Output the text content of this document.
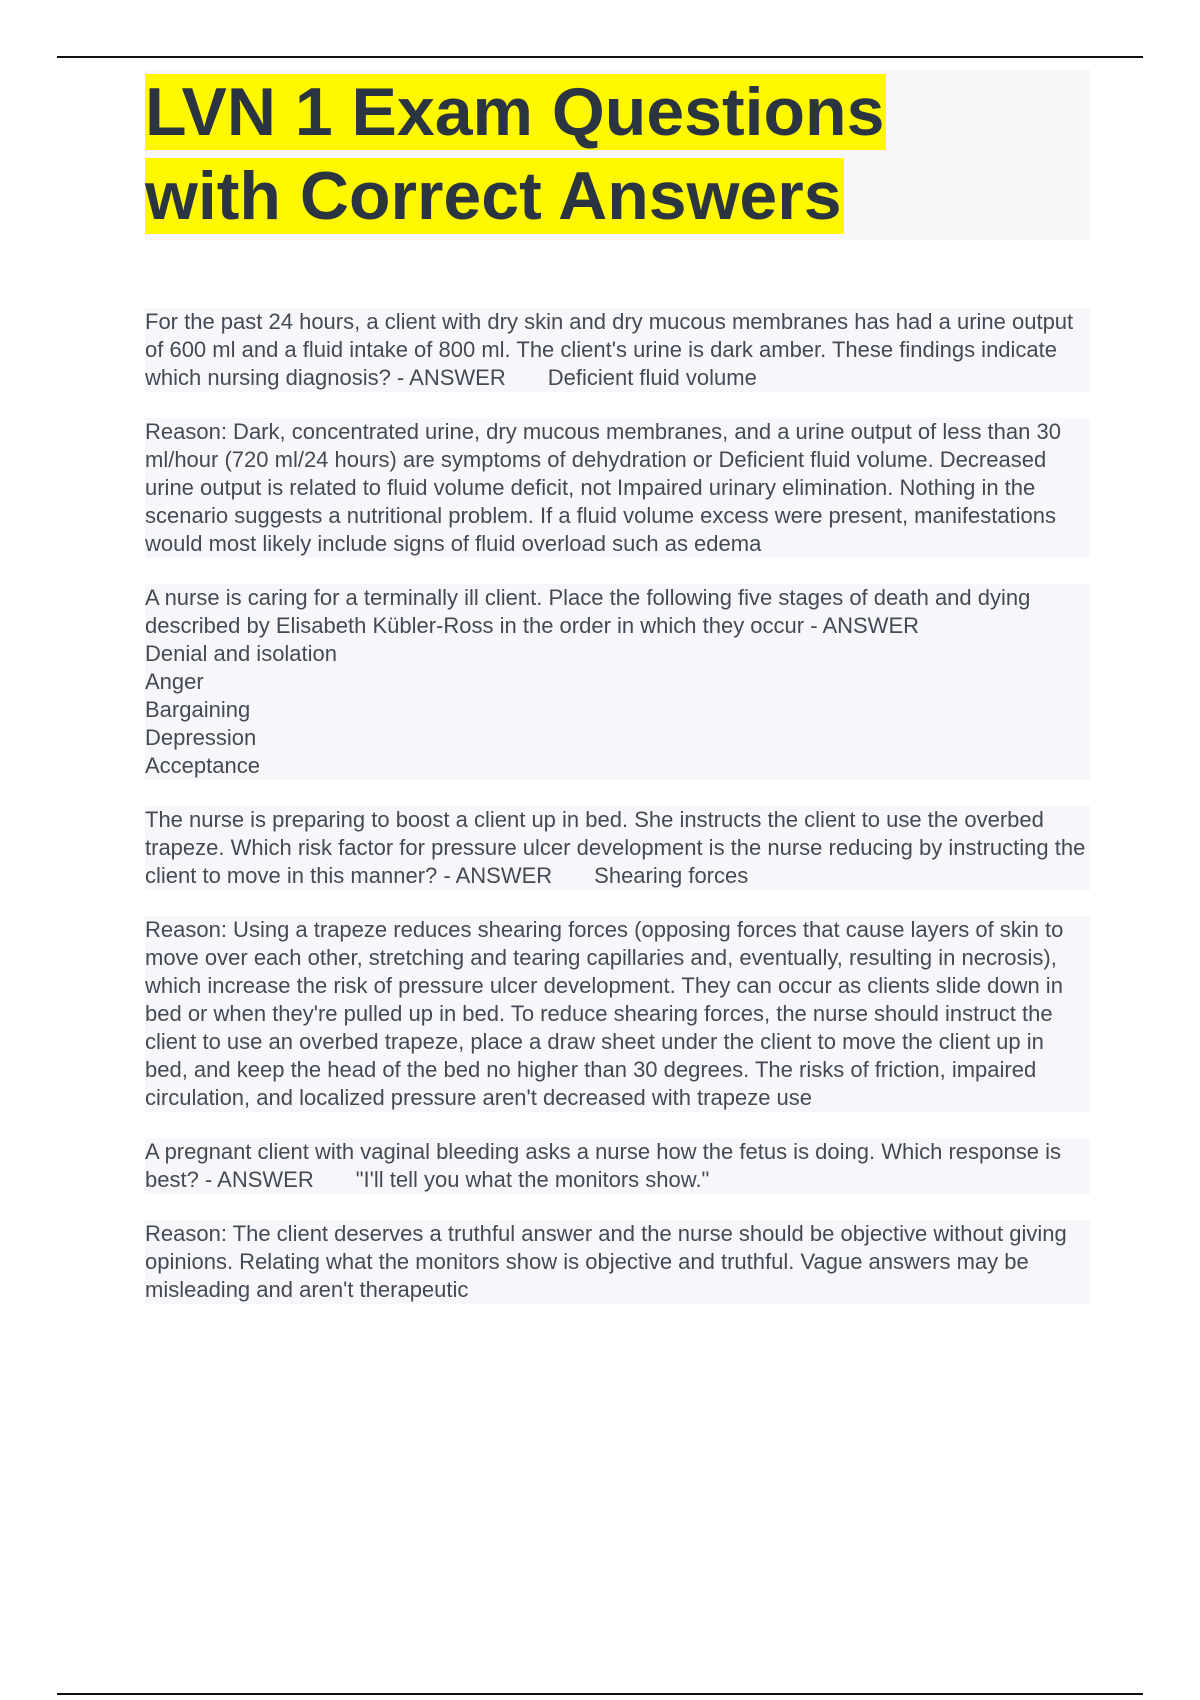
LVN 1 Exam Questions
with Correct Answers

For the past 24 hours, a client with dry skin and dry mucous membranes has had a urine output of 600 ml and a fluid intake of 800 ml. The client's urine is dark amber. These findings indicate which nursing diagnosis? - ANSWER Deficient fluid volume

Reason: Dark, concentrated urine, dry mucous membranes, and a urine output of less than 30 ml/hour (720 ml/24 hours) are symptoms of dehydration or Deficient fluid volume. Decreased urine output is related to fluid volume deficit, not Impaired urinary elimination. Nothing in the scenario suggests a nutritional problem. If a fluid volume excess were present, manifestations would most likely include signs of fluid overload such as edema

A nurse is caring for a terminally ill client. Place the following five stages of death and dying described by Elisabeth Kübler-Ross in the order in which they occur - ANSWER
Denial and isolation
Anger
Bargaining
Depression
Acceptance

The nurse is preparing to boost a client up in bed. She instructs the client to use the overbed trapeze. Which risk factor for pressure ulcer development is the nurse reducing by instructing the client to move in this manner? - ANSWER Shearing forces

Reason: Using a trapeze reduces shearing forces (opposing forces that cause layers of skin to move over each other, stretching and tearing capillaries and, eventually, resulting in necrosis), which increase the risk of pressure ulcer development. They can occur as clients slide down in bed or when they're pulled up in bed. To reduce shearing forces, the nurse should instruct the client to use an overbed trapeze, place a draw sheet under the client to move the client up in bed, and keep the head of the bed no higher than 30 degrees. The risks of friction, impaired circulation, and localized pressure aren't decreased with trapeze use

A pregnant client with vaginal bleeding asks a nurse how the fetus is doing. Which response is best? - ANSWER "I'll tell you what the monitors show."

Reason: The client deserves a truthful answer and the nurse should be objective without giving opinions. Relating what the monitors show is objective and truthful. Vague answers may be misleading and aren't therapeutic
